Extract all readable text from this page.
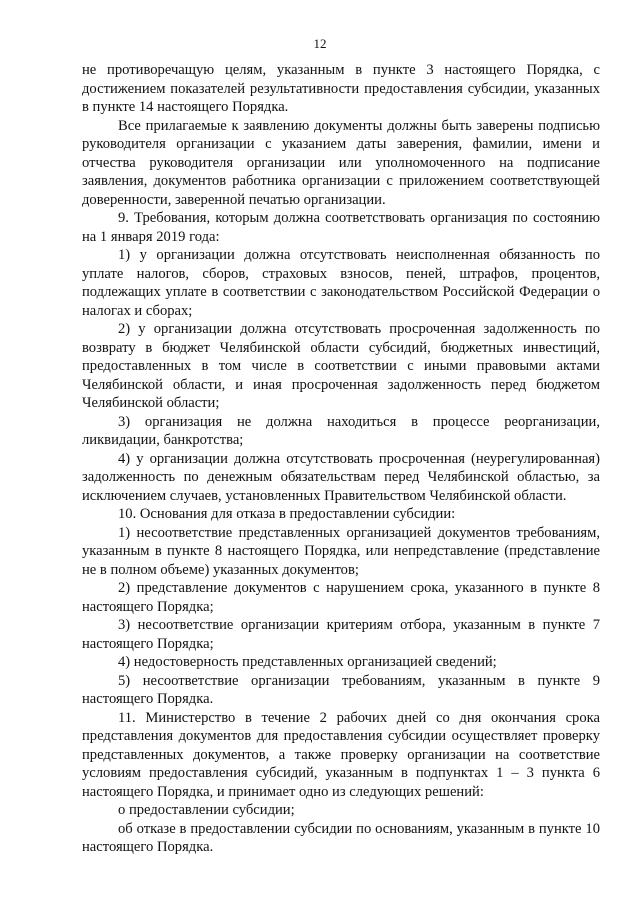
12

не противоречащую целям, указанным в пункте 3 настоящего Порядка, с достижением показателей результативности предоставления субсидии, указанных в пункте 14 настоящего Порядка.

Все прилагаемые к заявлению документы должны быть заверены подписью руководителя организации с указанием даты заверения, фамилии, имени и отчества руководителя организации или уполномоченного на подписание заявления, документов работника организации с приложением соответствующей доверенности, заверенной печатью организации.

9. Требования, которым должна соответствовать организация по состоянию на 1 января 2019 года:

1) у организации должна отсутствовать неисполненная обязанность по уплате налогов, сборов, страховых взносов, пеней, штрафов, процентов, подлежащих уплате в соответствии с законодательством Российской Федерации о налогах и сборах;

2) у организации должна отсутствовать просроченная задолженность по возврату в бюджет Челябинской области субсидий, бюджетных инвестиций, предоставленных в том числе в соответствии с иными правовыми актами Челябинской области, и иная просроченная задолженность перед бюджетом Челябинской области;

3) организация не должна находиться в процессе реорганизации, ликвидации, банкротства;

4) у организации должна отсутствовать просроченная (неурегулированная) задолженность по денежным обязательствам перед Челябинской областью, за исключением случаев, установленных Правительством Челябинской области.

10. Основания для отказа в предоставлении субсидии:

1) несоответствие представленных организацией документов требованиям, указанным в пункте 8 настоящего Порядка, или непредставление (представление не в полном объеме) указанных документов;

2) представление документов с нарушением срока, указанного в пункте 8 настоящего Порядка;

3) несоответствие организации критериям отбора, указанным в пункте 7 настоящего Порядка;

4) недостоверность представленных организацией сведений;

5) несоответствие организации требованиям, указанным в пункте 9 настоящего Порядка.

11. Министерство в течение 2 рабочих дней со дня окончания срока представления документов для предоставления субсидии осуществляет проверку представленных документов, а также проверку организации на соответствие условиям предоставления субсидий, указанным в подпунктах 1 – 3 пункта 6 настоящего Порядка, и принимает одно из следующих решений:

о предоставлении субсидии;

об отказе в предоставлении субсидии по основаниям, указанным в пункте 10 настоящего Порядка.
